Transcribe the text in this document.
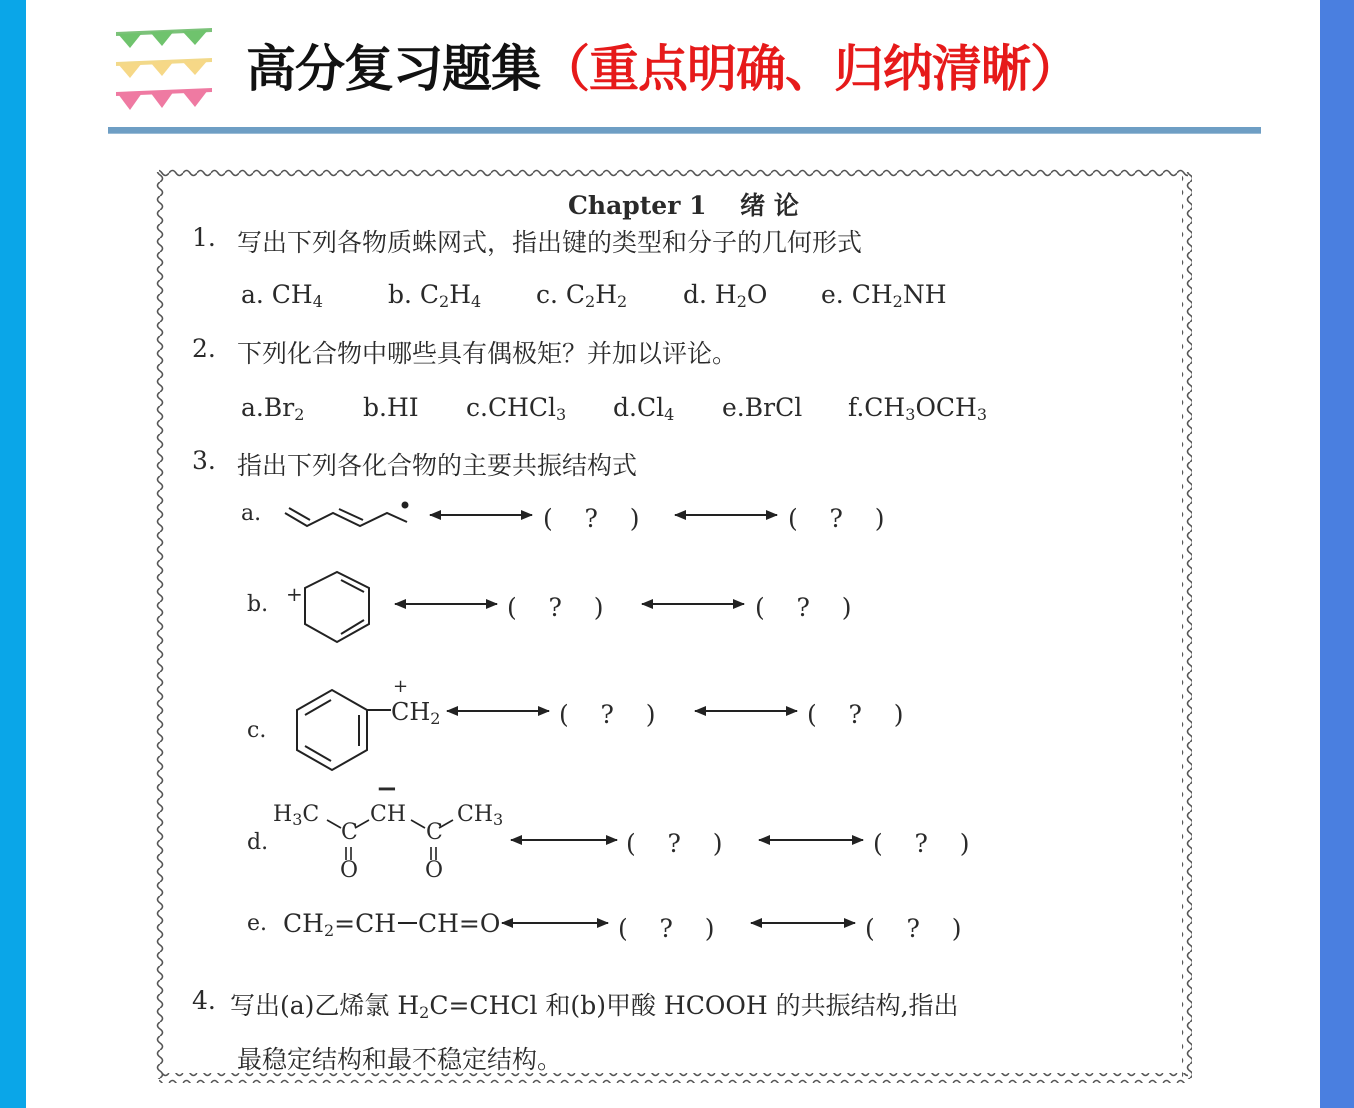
高分复习题集（重点明确、归纳清晰）
Chapter 1　 绪 论
1. 写出下列各物质蛛网式，指出键的类型和分子的几何形式
a. $CH_4$	b. $C_2H_4$ c. $C_2H_2$ d. $H_2O$ e. $CH_2NH$
2. 下列化合物中哪些具有偶极矩？并加以评论。
$a.Br_2$ b.HI c.CHCl$_3$ $d.Cl_4$ e.BrCl $f.CH_3OCH_3$
3. 指出下列各化合物的主要共振结构式
a.	(    ?    )	(    ?    )
b. +	(    ?    )	(    ?    )
c.
+
$CH_2$	(    ?    )	(    ?    )
d.
$H_3C$
C
CH
−
C
$CH_3$
O	O
(    ?    )	(    ?    )
e. $CH_2=CH$ CH=O	(    ?    )	(    ?    )
4. 写出(a)乙烯氯 $H_2C=CHCl$ 和(b)甲酸 HCOOH 的共振结构,指出
最稳定结构和最不稳定结构。
